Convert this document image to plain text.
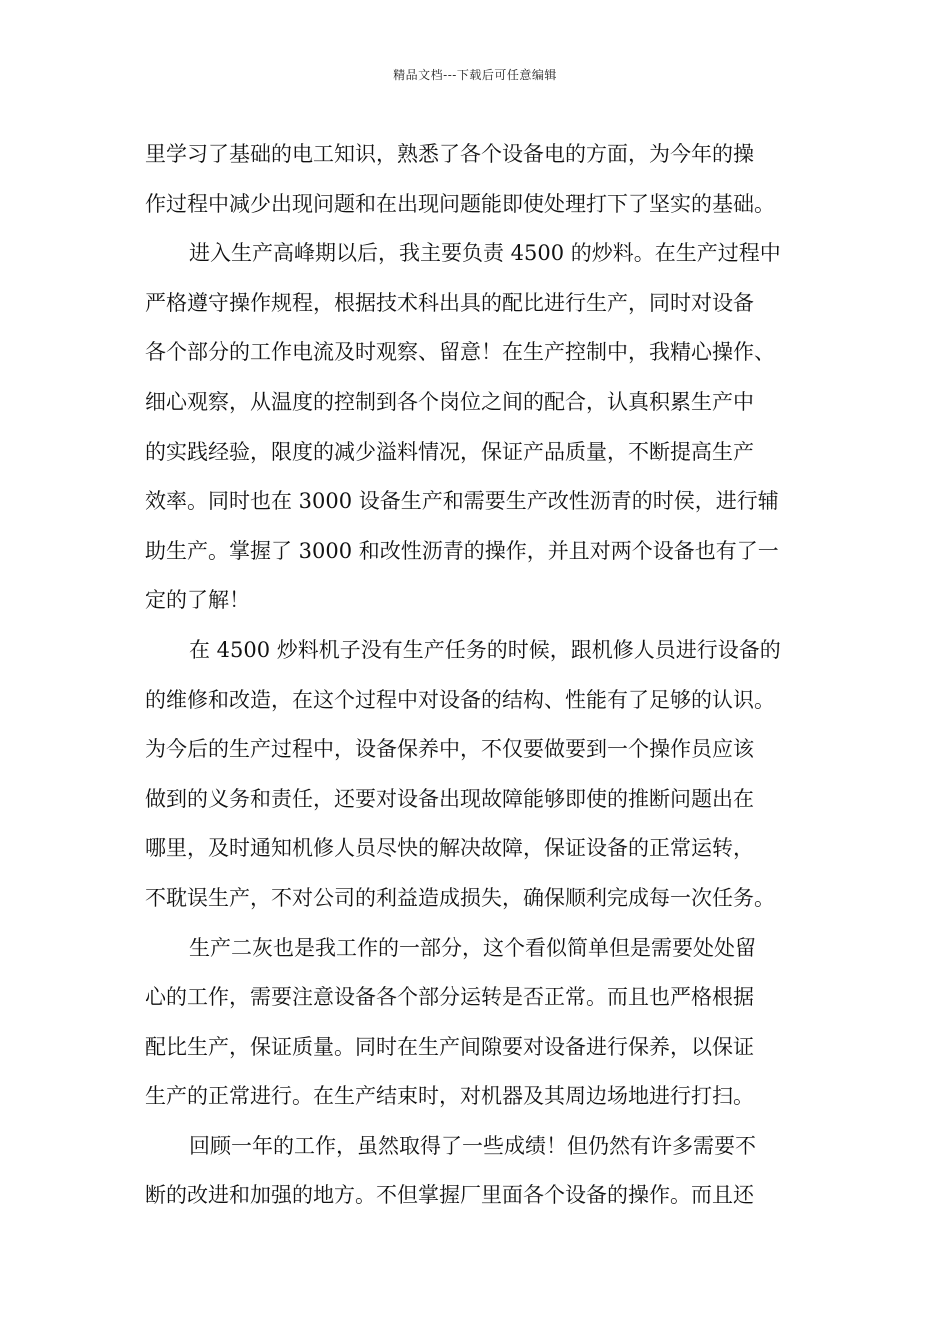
精品文档---下载后可任意编辑
里学习了基础的电工知识，熟悉了各个设备电的方面，为今年的操
作过程中减少出现问题和在出现问题能即使处理打下了坚实的基础。
进入生产高峰期以后，我主要负责 4500 的炒料。在生产过程中
严格遵守操作规程，根据技术科出具的配比进行生产，同时对设备
各个部分的工作电流及时观察、留意！在生产控制中，我精心操作、
细心观察，从温度的控制到各个岗位之间的配合，认真积累生产中
的实践经验，限度的减少溢料情况，保证产品质量，不断提高生产
效率。同时也在 3000 设备生产和需要生产改性沥青的时侯，进行辅
助生产。掌握了 3000 和改性沥青的操作，并且对两个设备也有了一
定的了解！
在 4500 炒料机子没有生产任务的时候，跟机修人员进行设备的
的维修和改造，在这个过程中对设备的结构、性能有了足够的认识。
为今后的生产过程中，设备保养中，不仅要做要到一个操作员应该
做到的义务和责任，还要对设备出现故障能够即使的推断问题出在
哪里，及时通知机修人员尽快的解决故障，保证设备的正常运转，
不耽误生产，不对公司的利益造成损失，确保顺利完成每一次任务。
生产二灰也是我工作的一部分，这个看似简单但是需要处处留
心的工作，需要注意设备各个部分运转是否正常。而且也严格根据
配比生产，保证质量。同时在生产间隙要对设备进行保养，以保证
生产的正常进行。在生产结束时，对机器及其周边场地进行打扫。
回顾一年的工作，虽然取得了一些成绩！但仍然有许多需要不
断的改进和加强的地方。不但掌握厂里面各个设备的操作。而且还
